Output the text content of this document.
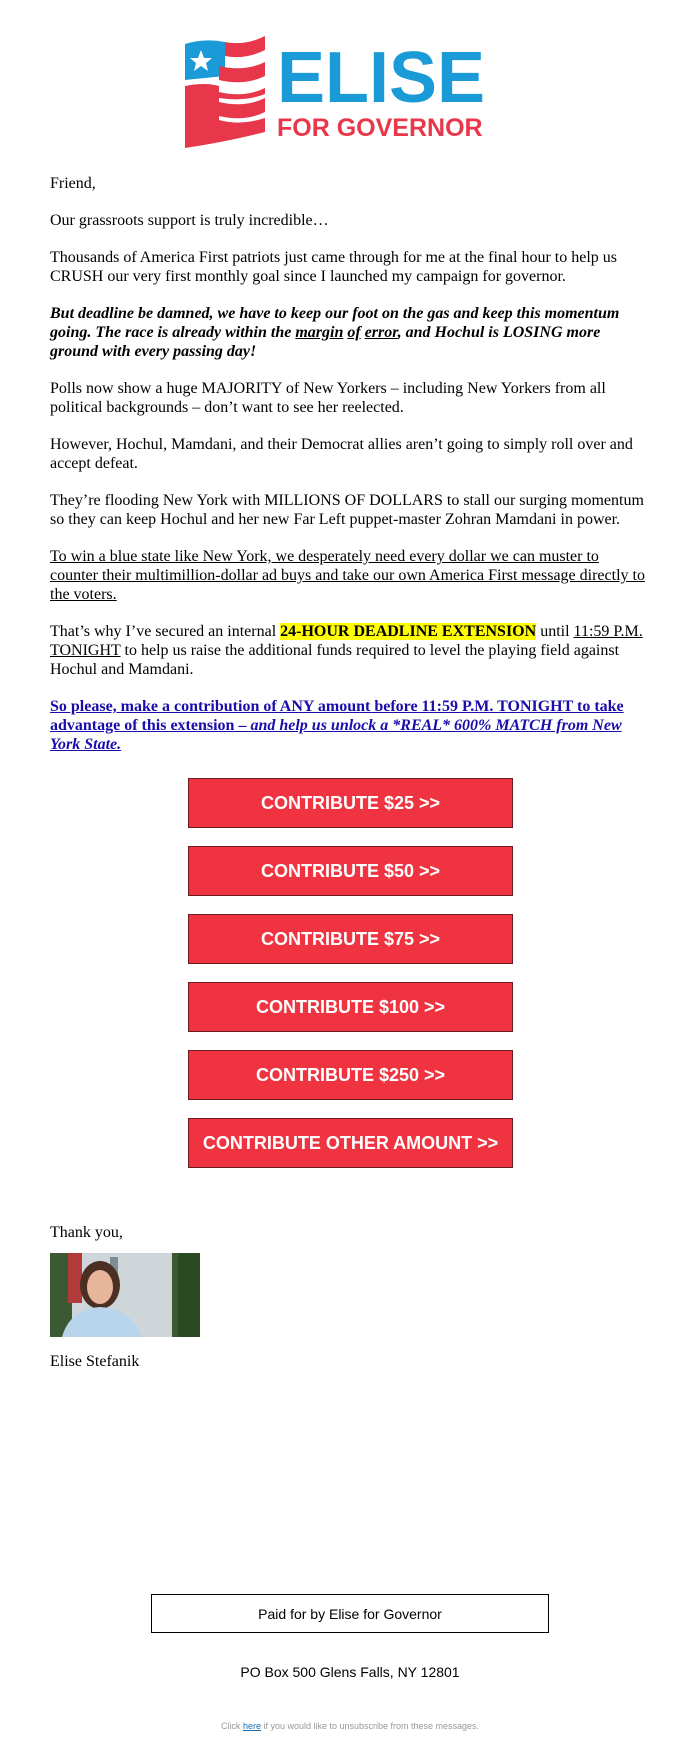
ELISE
FOR GOVERNOR

Friend,

Our grassroots support is truly incredible…

Thousands of America First patriots just came through for me at the final hour to help us CRUSH our very first monthly goal since I launched my campaign for governor.

But deadline be damned, we have to keep our foot on the gas and keep this momentum going. The race is already within the margin of error, and Hochul is LOSING more ground with every passing day!

Polls now show a huge MAJORITY of New Yorkers – including New Yorkers from all political backgrounds – don’t want to see her reelected.

However, Hochul, Mamdani, and their Democrat allies aren’t going to simply roll over and accept defeat.

They’re flooding New York with MILLIONS OF DOLLARS to stall our surging momentum so they can keep Hochul and her new Far Left puppet-master Zohran Mamdani in power.

To win a blue state like New York, we desperately need every dollar we can muster to counter their multimillion-dollar ad buys and take our own America First message directly to the voters.

That’s why I’ve secured an internal 24-HOUR DEADLINE EXTENSION until 11:59 P.M. TONIGHT to help us raise the additional funds required to level the playing field against Hochul and Mamdani.

So please, make a contribution of ANY amount before 11:59 P.M. TONIGHT to take advantage of this extension – and help us unlock a *REAL* 600% MATCH from New York State.

CONTRIBUTE $25 >>
CONTRIBUTE $50 >>
CONTRIBUTE $75 >>
CONTRIBUTE $100 >>
CONTRIBUTE $250 >>
CONTRIBUTE OTHER AMOUNT >>
Thank you,
Elise Stefanik
Paid for by Elise for Governor
PO Box 500 Glens Falls, NY 12801
Click here if you would like to unsubscribe from these messages.
